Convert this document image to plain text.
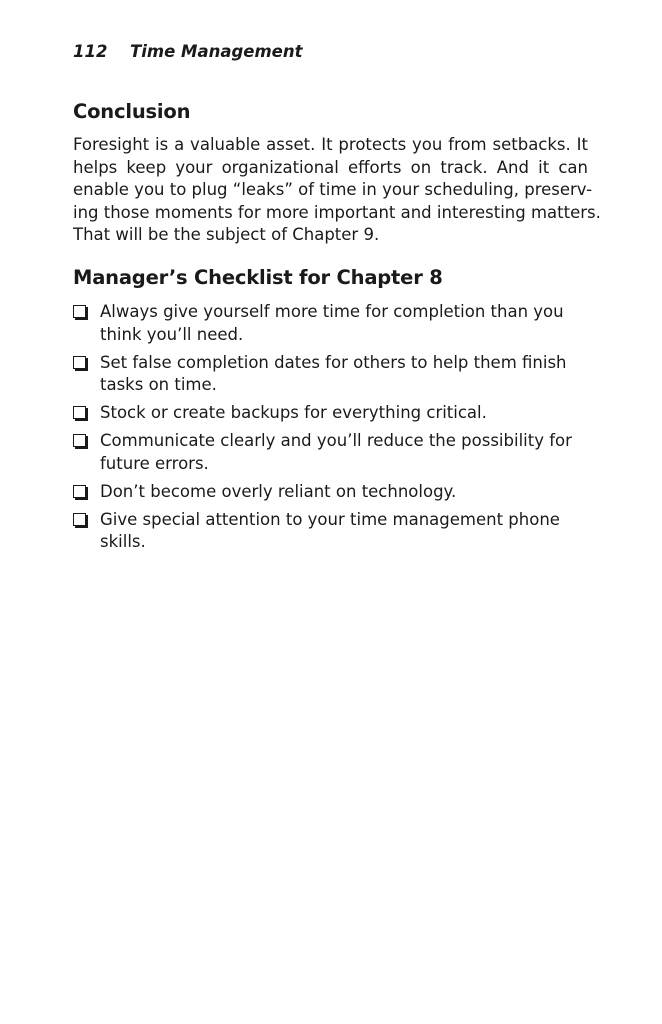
112 Time Management
Conclusion

Foresight is a valuable asset. It protects you from setbacks. It
helps keep your organizational efforts on track. And it can
enable you to plug “leaks” of time in your scheduling, preserv-
ing those moments for more important and interesting matters.
That will be the subject of Chapter 9.

Manager’s Checklist for Chapter 8
Always give yourself more time for completion than you
think you’ll need.
Set false completion dates for others to help them finish
tasks on time.
Stock or create backups for everything critical.
Communicate clearly and you’ll reduce the possibility for
future errors.
Don’t become overly reliant on technology.
Give special attention to your time management phone
skills.
